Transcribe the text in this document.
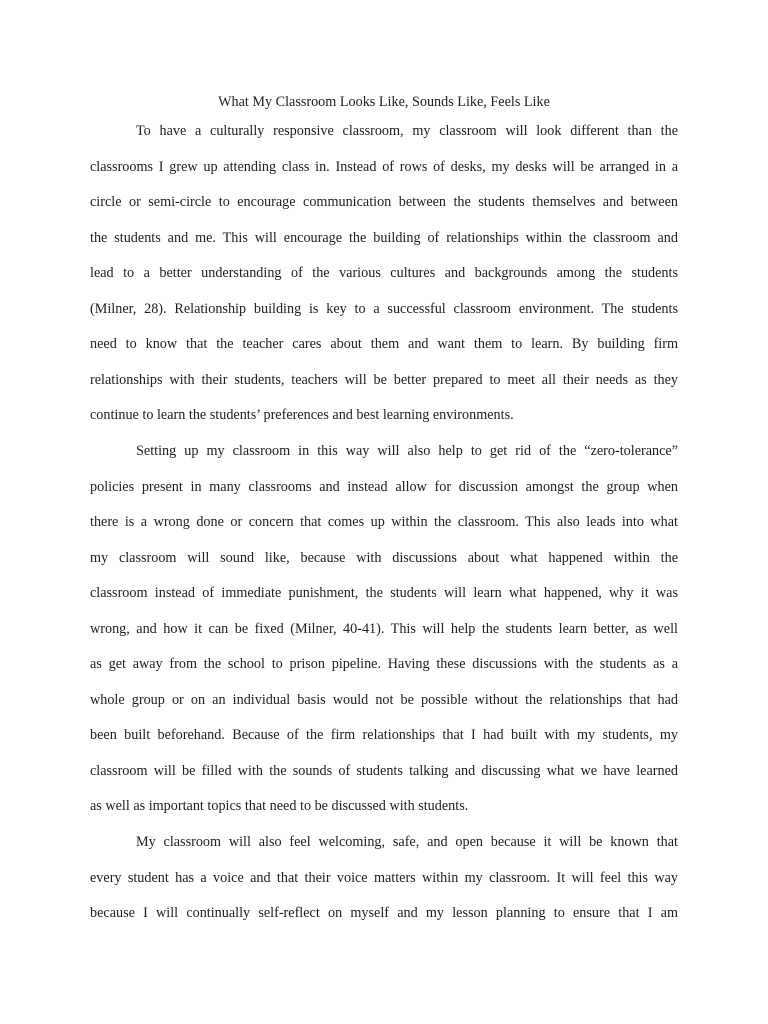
What My Classroom Looks Like, Sounds Like, Feels Like
To have a culturally responsive classroom, my classroom will look different than the
classrooms I grew up attending class in. Instead of rows of desks, my desks will be arranged in a
circle or semi-circle to encourage communication between the students themselves and between
the students and me. This will encourage the building of relationships within the classroom and
lead to a better understanding of the various cultures and backgrounds among the students
(Milner, 28). Relationship building is key to a successful classroom environment. The students
need to know that the teacher cares about them and want them to learn. By building firm
relationships with their students, teachers will be better prepared to meet all their needs as they
continue to learn the students’ preferences and best learning environments.
Setting up my classroom in this way will also help to get rid of the “zero-tolerance”
policies present in many classrooms and instead allow for discussion amongst the group when
there is a wrong done or concern that comes up within the classroom. This also leads into what
my classroom will sound like, because with discussions about what happened within the
classroom instead of immediate punishment, the students will learn what happened, why it was
wrong, and how it can be fixed (Milner, 40-41). This will help the students learn better, as well
as get away from the school to prison pipeline. Having these discussions with the students as a
whole group or on an individual basis would not be possible without the relationships that had
been built beforehand. Because of the firm relationships that I had built with my students, my
classroom will be filled with the sounds of students talking and discussing what we have learned
as well as important topics that need to be discussed with students.
My classroom will also feel welcoming, safe, and open because it will be known that
every student has a voice and that their voice matters within my classroom. It will feel this way
because I will continually self-reflect on myself and my lesson planning to ensure that I am
